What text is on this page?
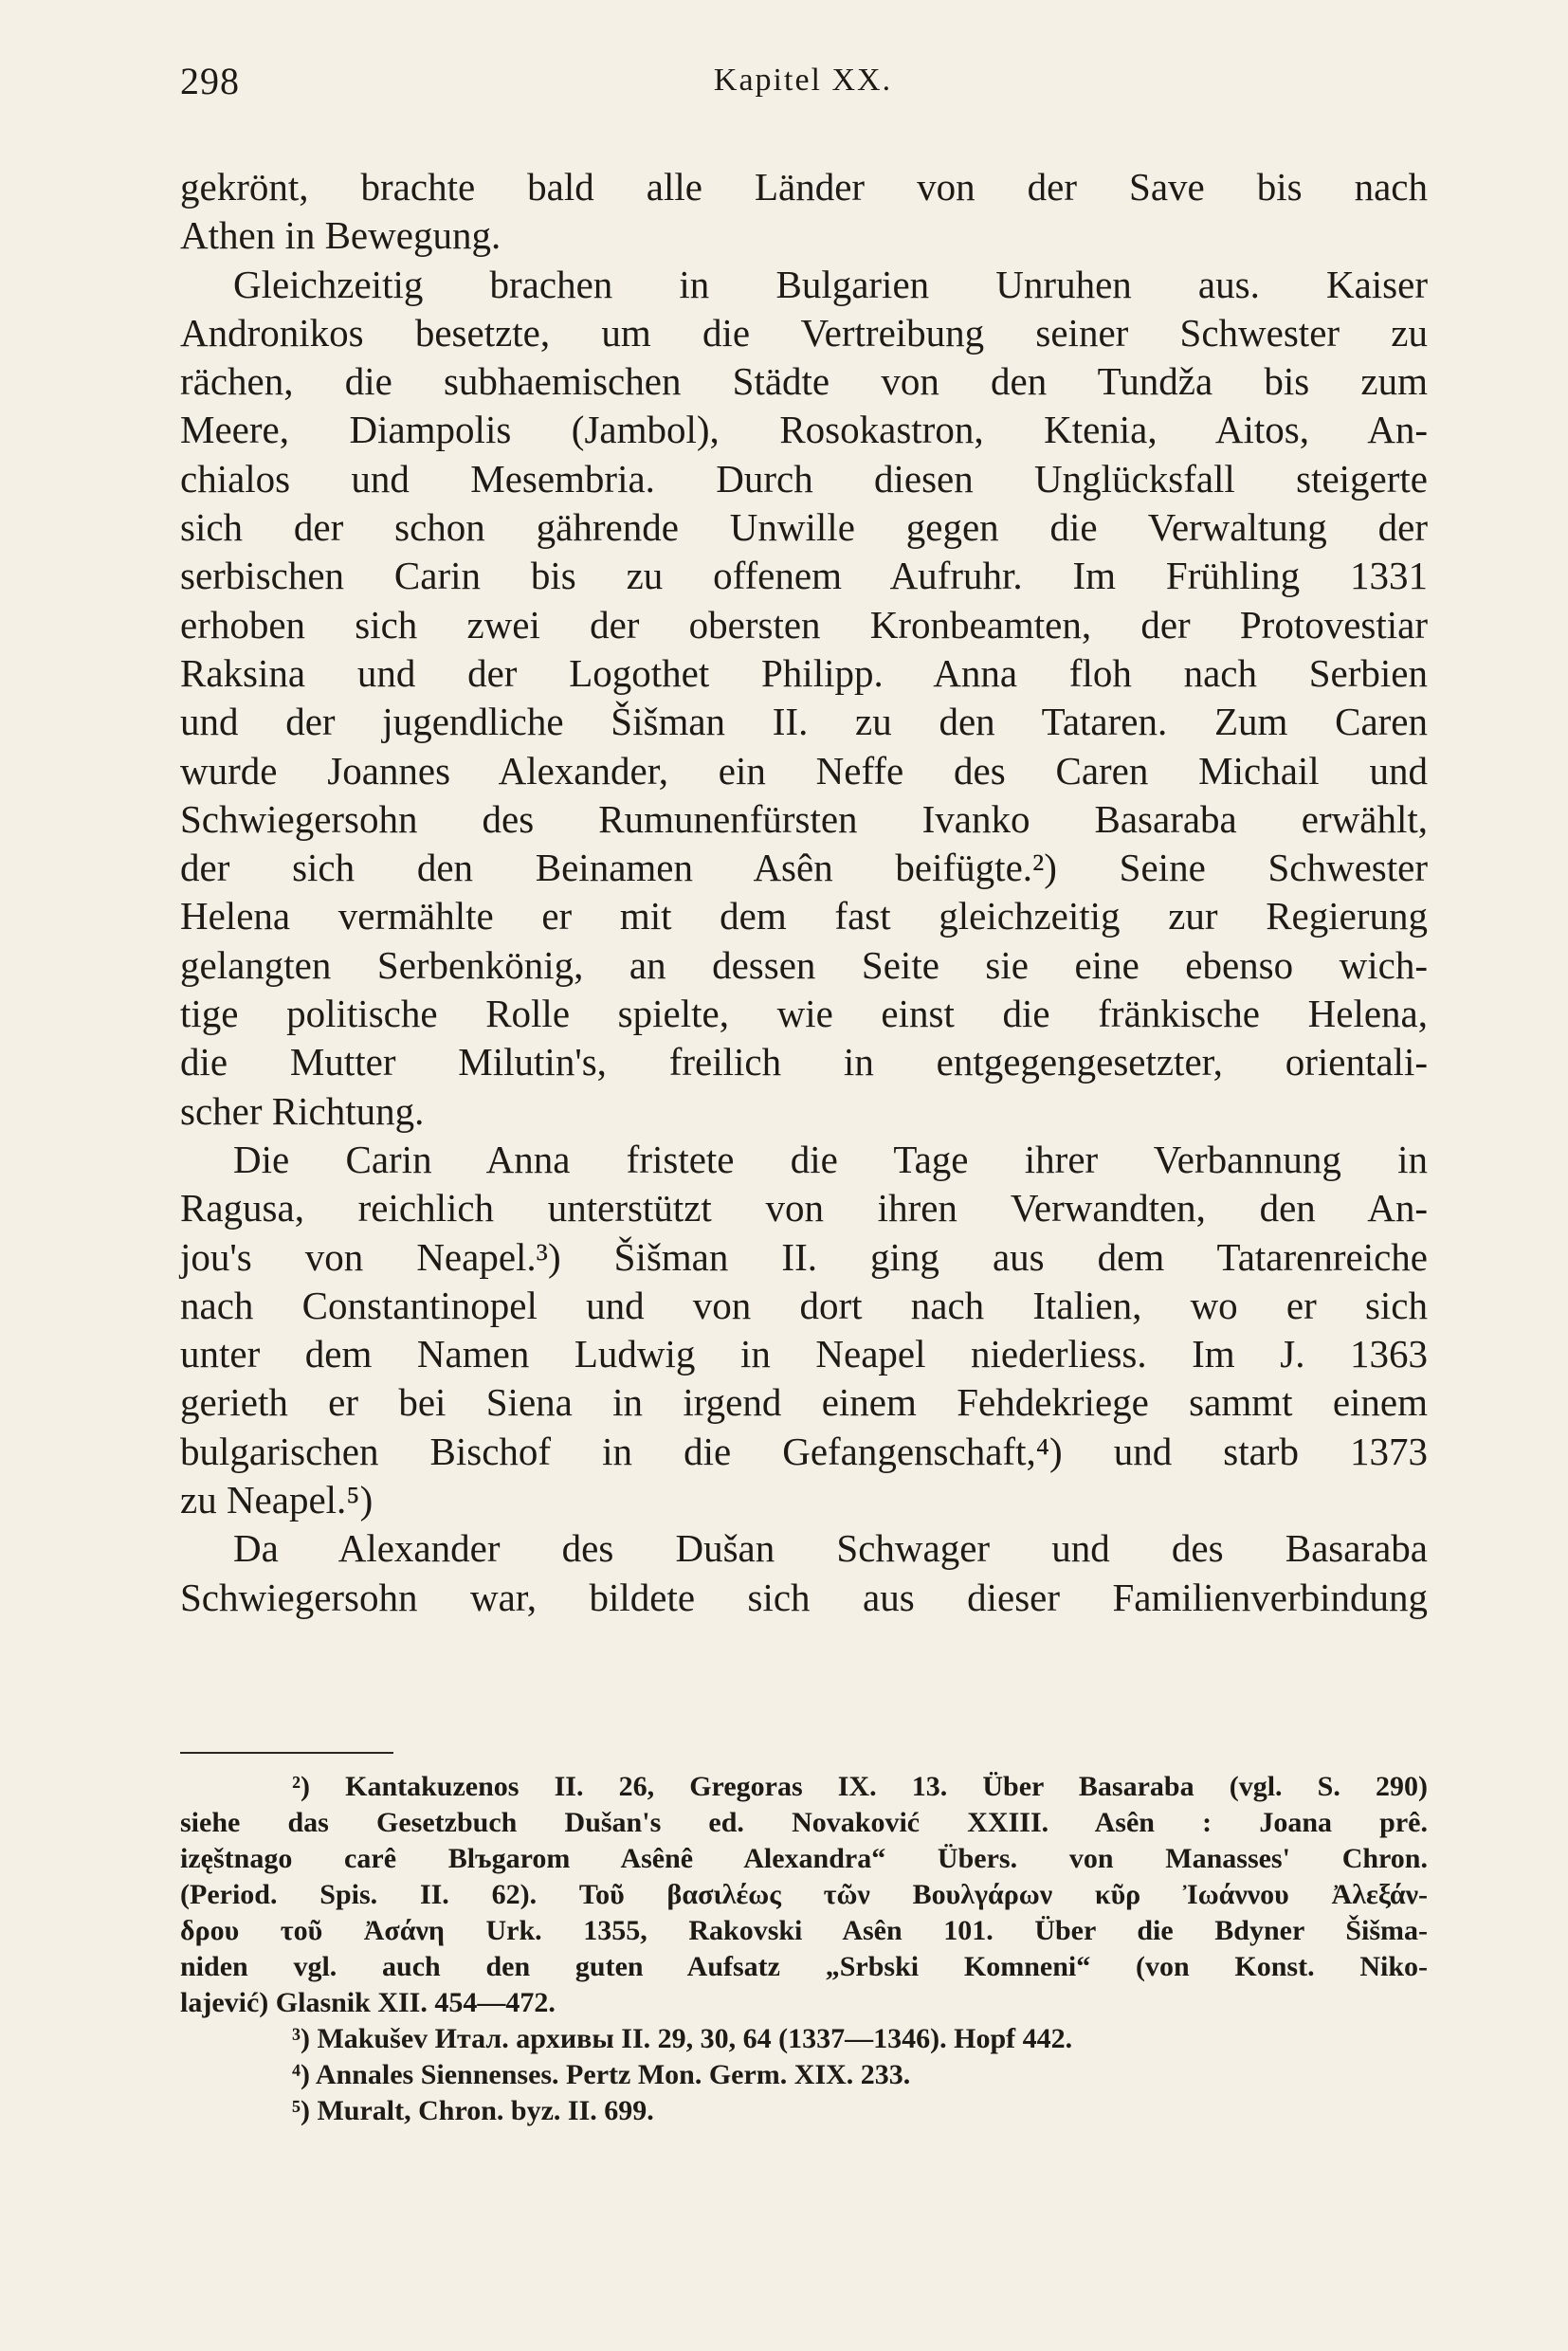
298	Kapitel XX.
gekrönt, brachte bald alle Länder von der Save bis nach
Athen in Bewegung.
Gleichzeitig brachen in Bulgarien Unruhen aus. Kaiser
Andronikos besetzte, um die Vertreibung seiner Schwester zu
rächen, die subhaemischen Städte von den Tundža bis zum
Meere, Diampolis (Jambol), Rosokastron, Ktenia, Aitos, An-
chialos und Mesembria. Durch diesen Unglücksfall steigerte
sich der schon gährende Unwille gegen die Verwaltung der
serbischen Carin bis zu offenem Aufruhr. Im Frühling 1331
erhoben sich zwei der obersten Kronbeamten, der Protovestiar
Raksina und der Logothet Philipp. Anna floh nach Serbien
und der jugendliche Šišman II. zu den Tataren. Zum Caren
wurde Joannes Alexander, ein Neffe des Caren Michail und
Schwiegersohn des Rumunenfürsten Ivanko Basaraba erwählt,
der sich den Beinamen Asên beifügte.²) Seine Schwester
Helena vermählte er mit dem fast gleichzeitig zur Regierung
gelangten Serbenkönig, an dessen Seite sie eine ebenso wich-
tige politische Rolle spielte, wie einst die fränkische Helena,
die Mutter Milutin's, freilich in entgegengesetzter, orientali-
scher Richtung.
Die Carin Anna fristete die Tage ihrer Verbannung in
Ragusa, reichlich unterstützt von ihren Verwandten, den An-
jou's von Neapel.³) Šišman II. ging aus dem Tatarenreiche
nach Constantinopel und von dort nach Italien, wo er sich
unter dem Namen Ludwig in Neapel niederliess. Im J. 1363
gerieth er bei Siena in irgend einem Fehdekriege sammt einem
bulgarischen Bischof in die Gefangenschaft,⁴) und starb 1373
zu Neapel.⁵)
Da Alexander des Dušan Schwager und des Basaraba
Schwiegersohn war, bildete sich aus dieser Familienverbindung
²) Kantakuzenos II. 26, Gregoras IX. 13. Über Basaraba (vgl. S. 290)
siehe das Gesetzbuch Dušan's ed. Novaković XXIII. Asên : Joana prê.
izęštnago carê Blъgarom Asênê Alexandra“ Übers. von Manasses' Chron.
(Period. Spis. II. 62). Τοῦ βασιλέως τῶν Βουλγάρων κῦρ Ἰωάννου Ἀλεξάν-
δρου τοῦ Ἀσάνη Urk. 1355, Rakovski Asên 101. Über die Bdyner Šišma-
niden vgl. auch den guten Aufsatz „Srbski Komneni“ (von Konst. Niko-
lajević) Glasnik XII. 454—472.
³) Makušev Итал. архивы II. 29, 30, 64 (1337—1346). Hopf 442.
⁴) Annales Siennenses. Pertz Mon. Germ. XIX. 233.
⁵) Muralt, Chron. byz. II. 699.
